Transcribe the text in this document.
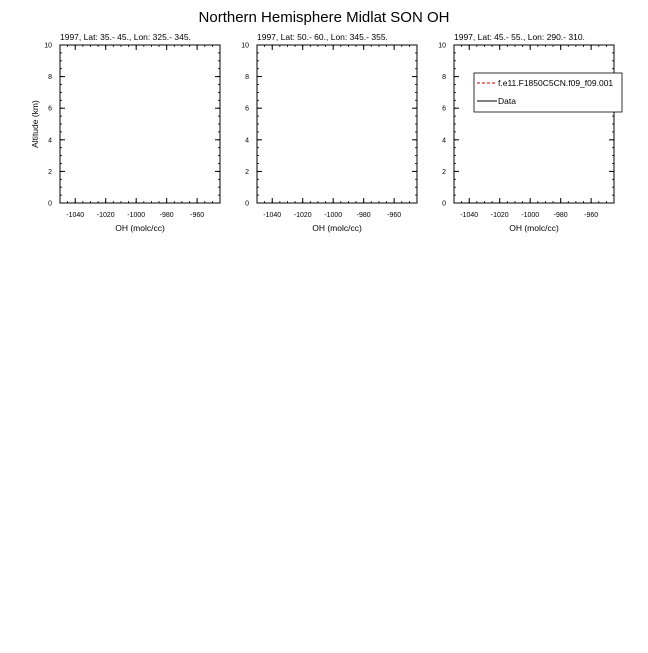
Northern Hemisphere Midlat SON OH
1997, Lat: 35.- 45., Lon: 325.- 345.
-1040 -1020 -1000 -980 -960
0
2
4
6
8
10
OH (molc/cc)
Altitude (km)
1997, Lat: 50.- 60., Lon: 345.- 355.
-1040 -1020 -1000 -980 -960
0
2
4
6
8
10
OH (molc/cc)
1997, Lat: 45.- 55., Lon: 290.- 310.
-1040 -1020 -1000 -980 -960
0
2
4
6
8
10
OH (molc/cc)
f.e11.F1850C5CN.f09_f09.001
Data
